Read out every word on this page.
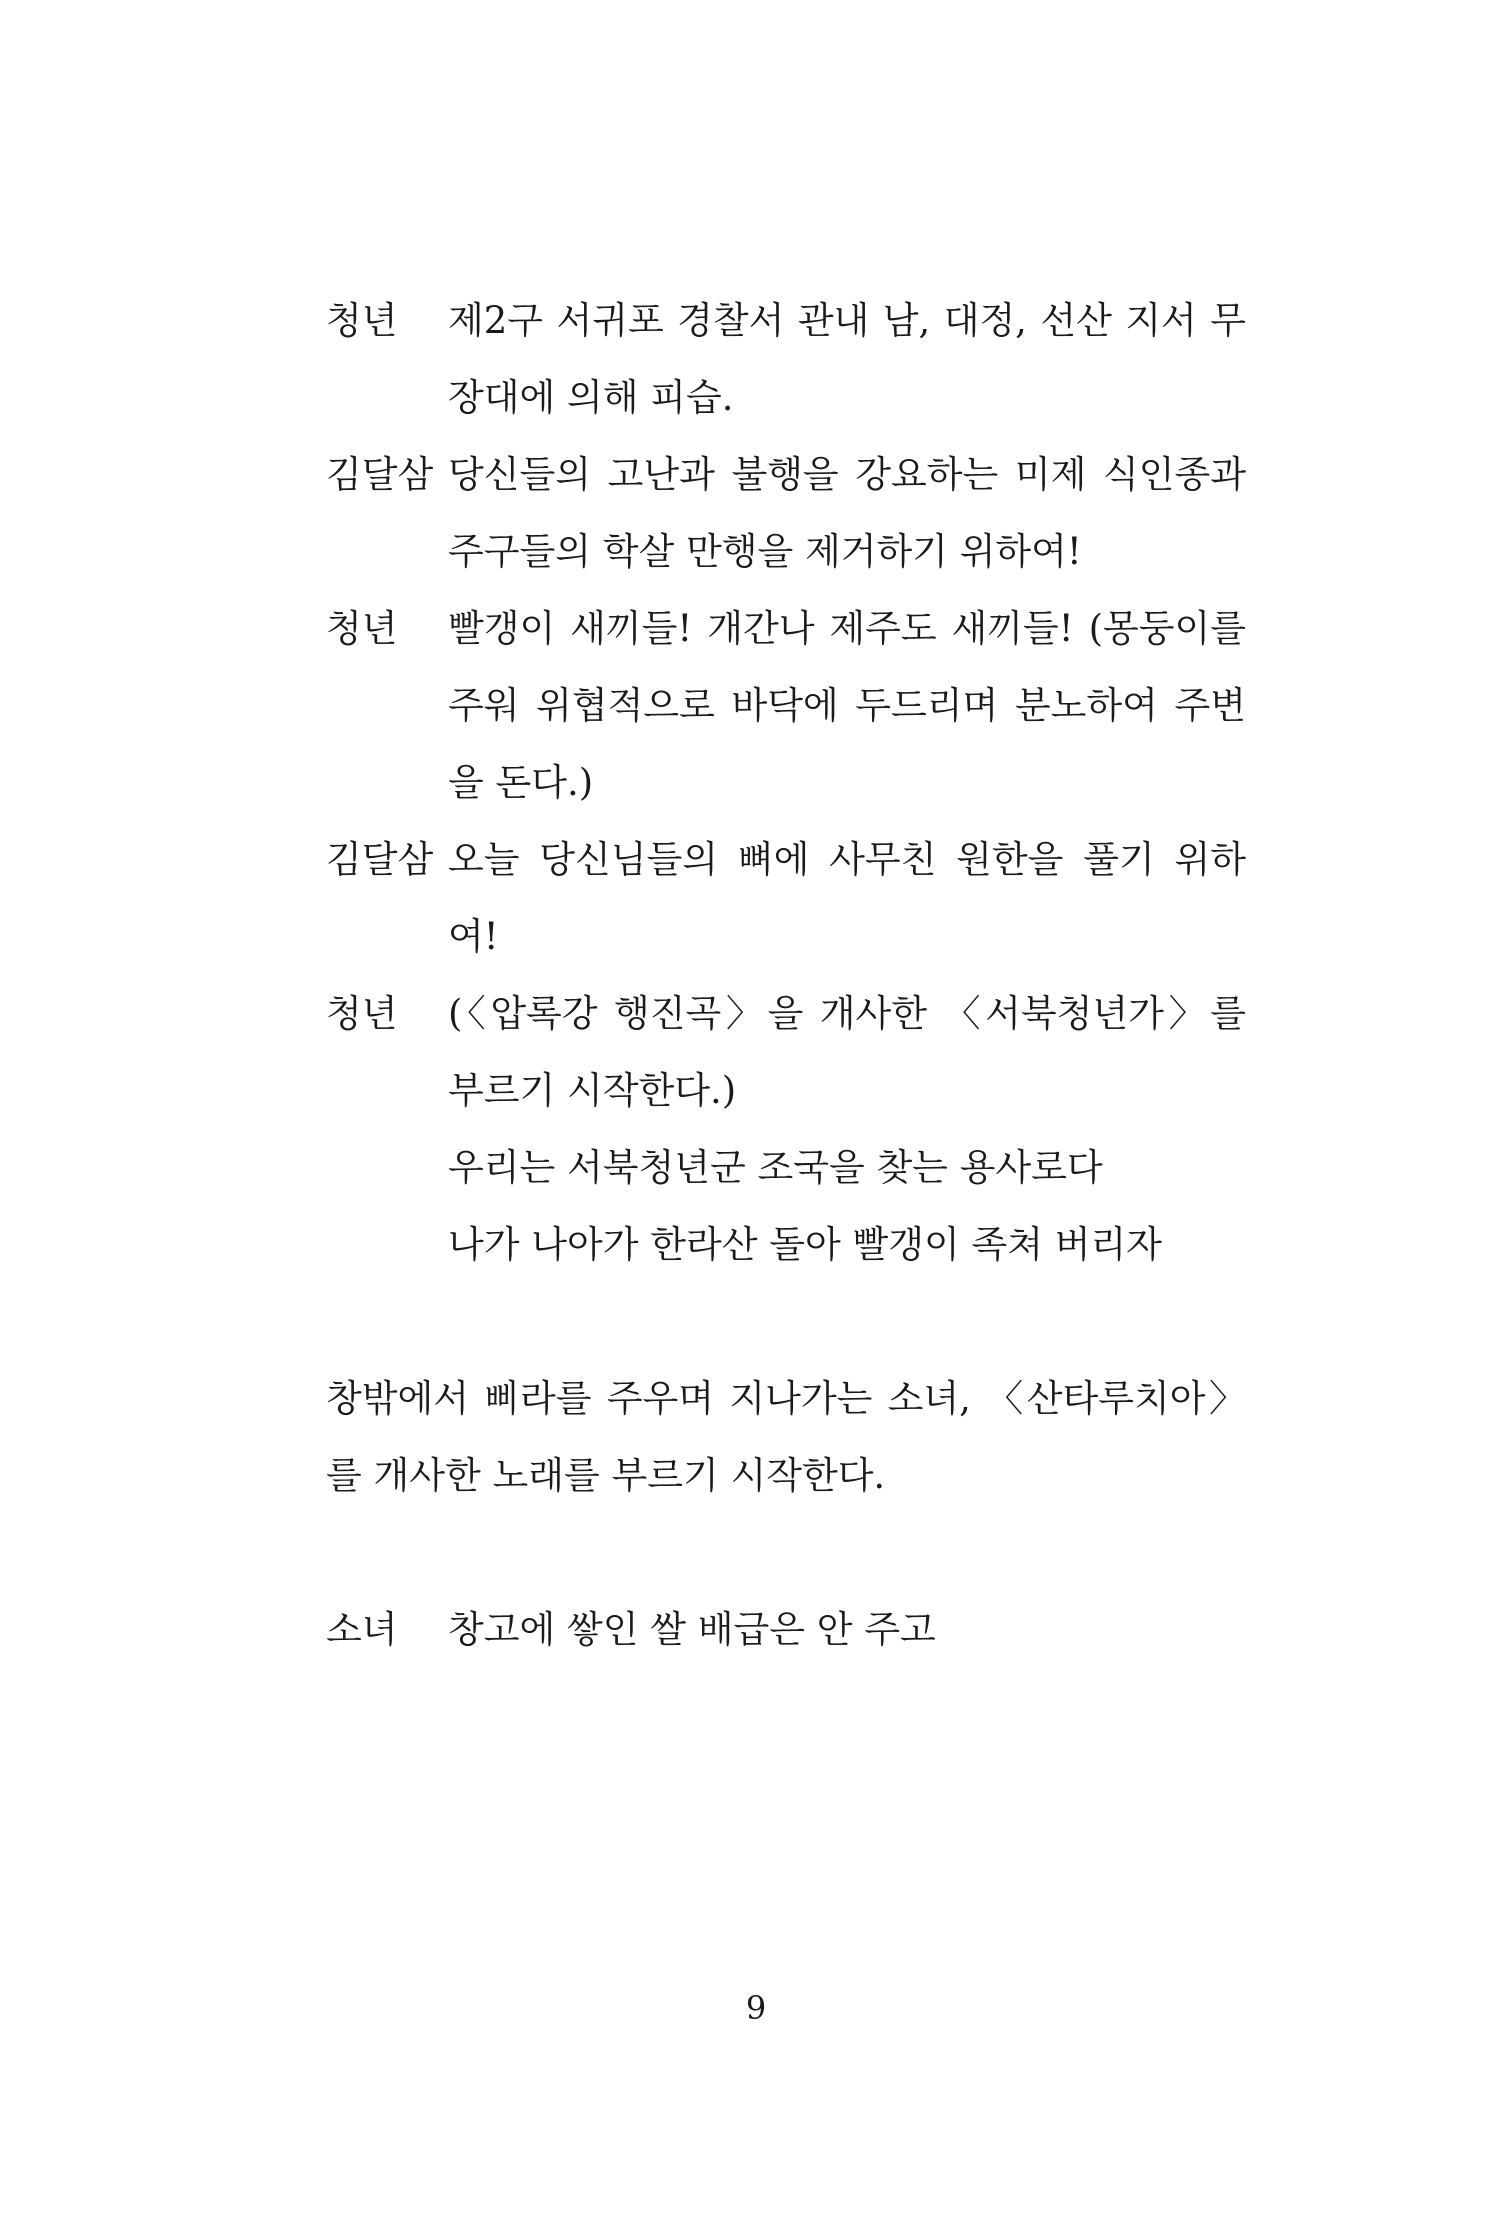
청년	제2구 서귀포 경찰서 관내 남, 대정, 선산 지서 무장대에 의해 피습.
김달삼 당신들의 고난과 불행을 강요하는 미제 식인종과 주구들의 학살 만행을 제거하기 위하여!
청년	빨갱이 새끼들! 개간나 제주도 새끼들! (몽둥이를 주워 위협적으로 바닥에 두드리며 분노하여 주변을 돈다.)
김달삼 오늘 당신님들의 뼈에 사무친 원한을 풀기 위하여!
청년	(〈압록강 행진곡〉을 개사한 〈서북청년가〉를 부르기 시작한다.)
우리는 서북청년군 조국을 찾는 용사로다
나가 나아가 한라산 돌아 빨갱이 족쳐 버리자
창밖에서 삐라를 주우며 지나가는 소녀, 〈산타루치아〉를 개사한 노래를 부르기 시작한다.
소녀	창고에 쌓인 쌀 배급은 안 주고
9
